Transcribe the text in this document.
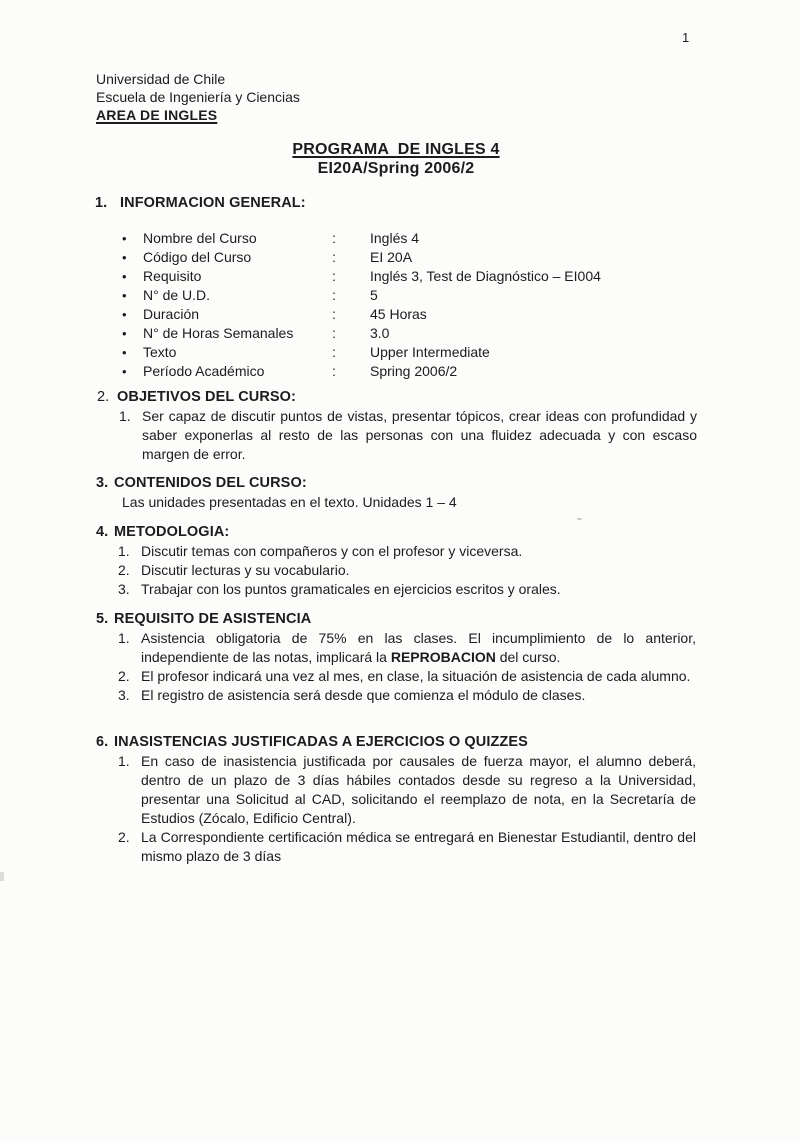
1
Universidad de Chile
Escuela de Ingeniería y Ciencias
AREA DE INGLES
PROGRAMA  DE INGLES 4
EI20A/Spring 2006/2
1. INFORMACION GENERAL:
•	Nombre del Curso	:	Inglés 4
•	Código del Curso	:	EI 20A
•	Requisito	:	Inglés 3, Test de Diagnóstico – EI004
•	N° de U.D.	:	5
•	Duración	:	45 Horas
•	N° de Horas Semanales	:	3.0
•	Texto	:	Upper Intermediate
•	Período Académico	:	Spring 2006/2
2. OBJETIVOS DEL CURSO:
1. Ser capaz de discutir puntos de vistas, presentar tópicos, crear ideas con profundidad y saber exponerlas al resto de las personas con una fluidez adecuada y con escaso margen de error.
3. CONTENIDOS DEL CURSO:
Las unidades presentadas en el texto. Unidades 1 – 4
4. METODOLOGIA:
1. Discutir temas con compañeros y con el profesor y viceversa.
2. Discutir lecturas y su vocabulario.
3. Trabajar con los puntos gramaticales en ejercicios escritos y orales.
5. REQUISITO DE ASISTENCIA
1. Asistencia obligatoria de 75% en las clases. El incumplimiento de lo anterior, independiente de las notas, implicará la REPROBACION del curso.
2. El profesor indicará una vez al mes, en clase, la situación de asistencia de cada alumno.
3. El registro de asistencia será desde que comienza el módulo de clases.
6. INASISTENCIAS JUSTIFICADAS A EJERCICIOS O QUIZZES
1. En caso de inasistencia justificada por causales de fuerza mayor, el alumno deberá, dentro de un plazo de 3 días hábiles contados desde su regreso a la Universidad, presentar una Solicitud al CAD, solicitando el reemplazo de nota, en la Secretaría de Estudios (Zócalo, Edificio Central).
2. La Correspondiente certificación médica se entregará en Bienestar Estudiantil, dentro del mismo plazo de 3 días
